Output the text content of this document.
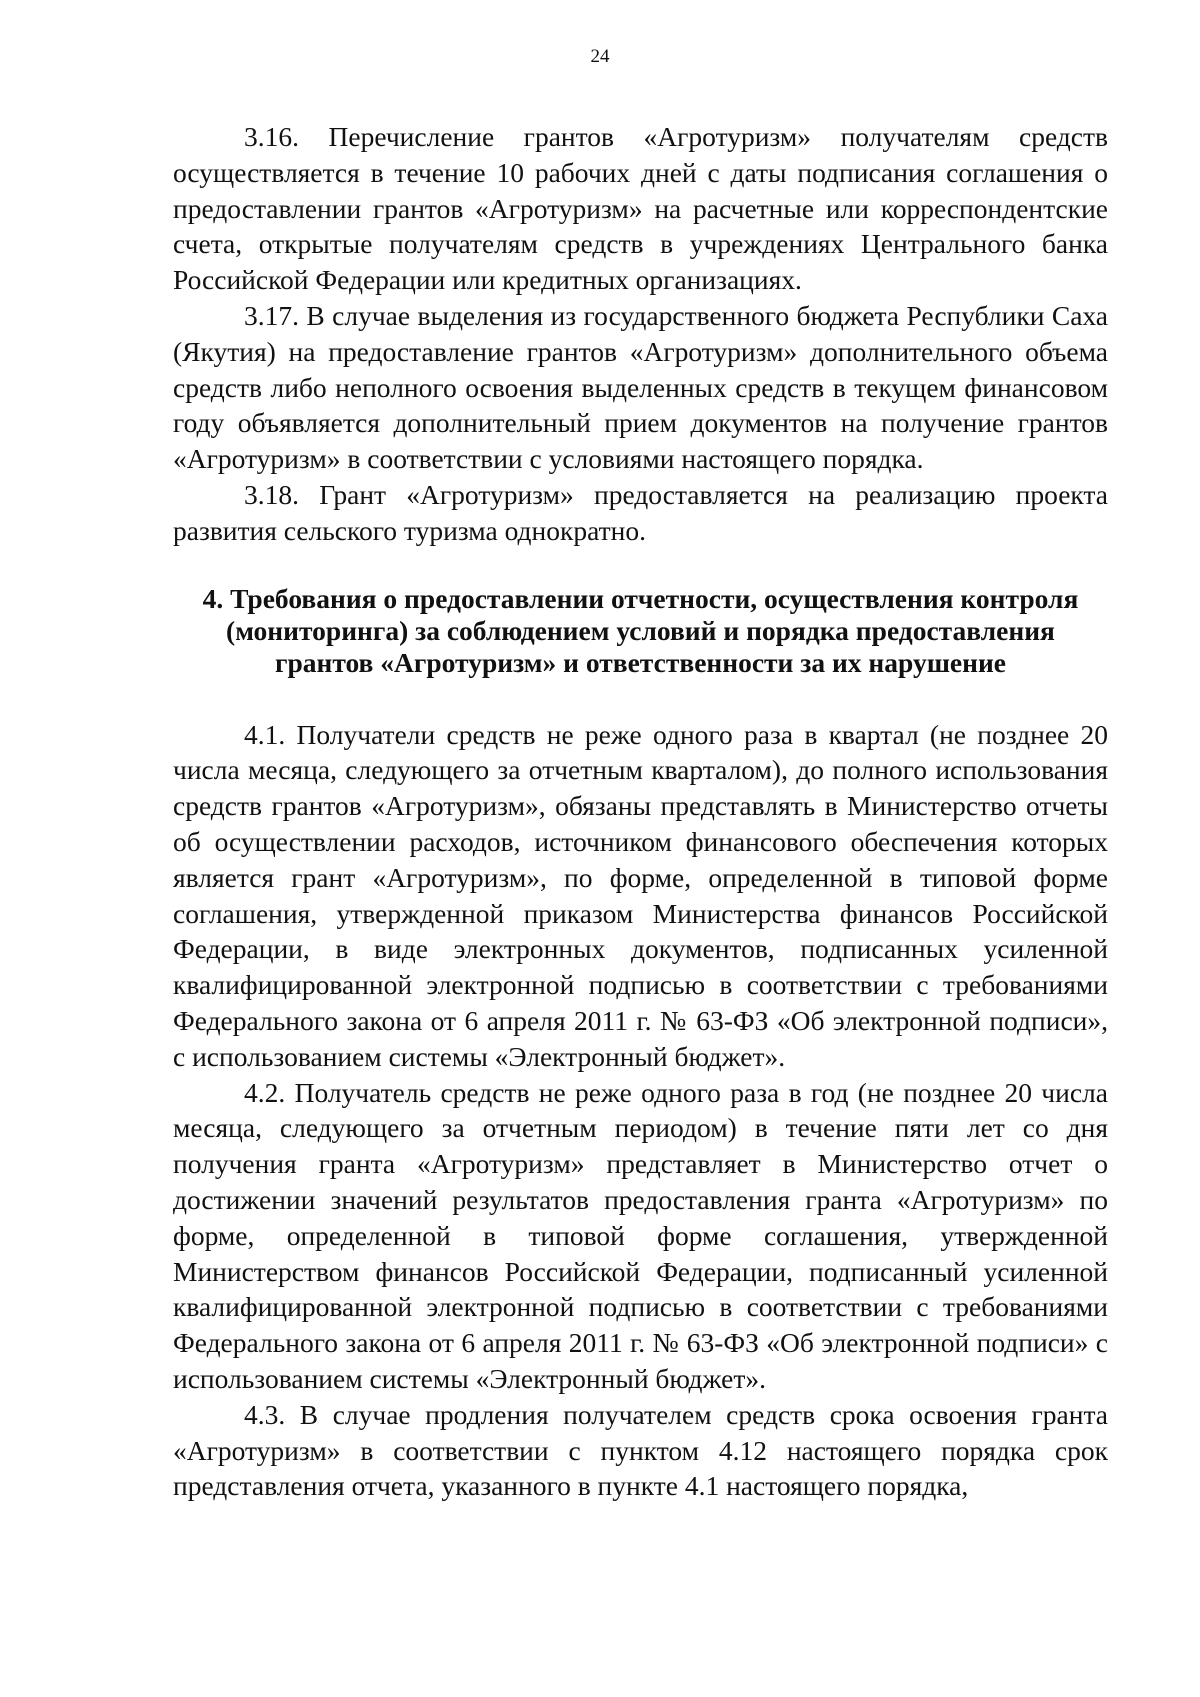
24

3.16. Перечисление грантов «Агротуризм» получателям средств осуществляется в течение 10 рабочих дней с даты подписания соглашения о предоставлении грантов «Агротуризм» на расчетные или корреспондентские счета, открытые получателям средств в учреждениях Центрального банка Российской Федерации или кредитных организациях.

3.17. В случае выделения из государственного бюджета Республики Саха (Якутия) на предоставление грантов «Агротуризм» дополнительного объема средств либо неполного освоения выделенных средств в текущем финансовом году объявляется дополнительный прием документов на получение грантов «Агротуризм» в соответствии с условиями настоящего порядка.

3.18. Грант «Агротуризм» предоставляется на реализацию проекта развития сельского туризма однократно.

4. Требования о предоставлении отчетности, осуществления контроля
(мониторинга) за соблюдением условий и порядка предоставления
грантов «Агротуризм» и ответственности за их нарушение

4.1. Получатели средств не реже одного раза в квартал (не позднее 20 числа месяца, следующего за отчетным кварталом), до полного использования средств грантов «Агротуризм», обязаны представлять в Министерство отчеты об осуществлении расходов, источником финансового обеспечения которых является грант «Агротуризм», по форме, определенной в типовой форме соглашения, утвержденной приказом Министерства финансов Российской Федерации, в виде электронных документов, подписанных усиленной квалифицированной электронной подписью в соответствии с требованиями Федерального закона от 6 апреля 2011 г. № 63-ФЗ «Об электронной подписи», с использованием системы «Электронный бюджет».

4.2. Получатель средств не реже одного раза в год (не позднее 20 числа месяца, следующего за отчетным периодом) в течение пяти лет со дня получения гранта «Агротуризм» представляет в Министерство отчет о достижении значений результатов предоставления гранта «Агротуризм» по форме, определенной в типовой форме соглашения, утвержденной Министерством финансов Российской Федерации, подписанный усиленной квалифицированной электронной подписью в соответствии с требованиями Федерального закона от 6 апреля 2011 г. № 63-ФЗ «Об электронной подписи» с использованием системы «Электронный бюджет».

4.3. В случае продления получателем средств срока освоения гранта «Агротуризм» в соответствии с пунктом 4.12 настоящего порядка срок представления отчета, указанного в пункте 4.1 настоящего порядка,
